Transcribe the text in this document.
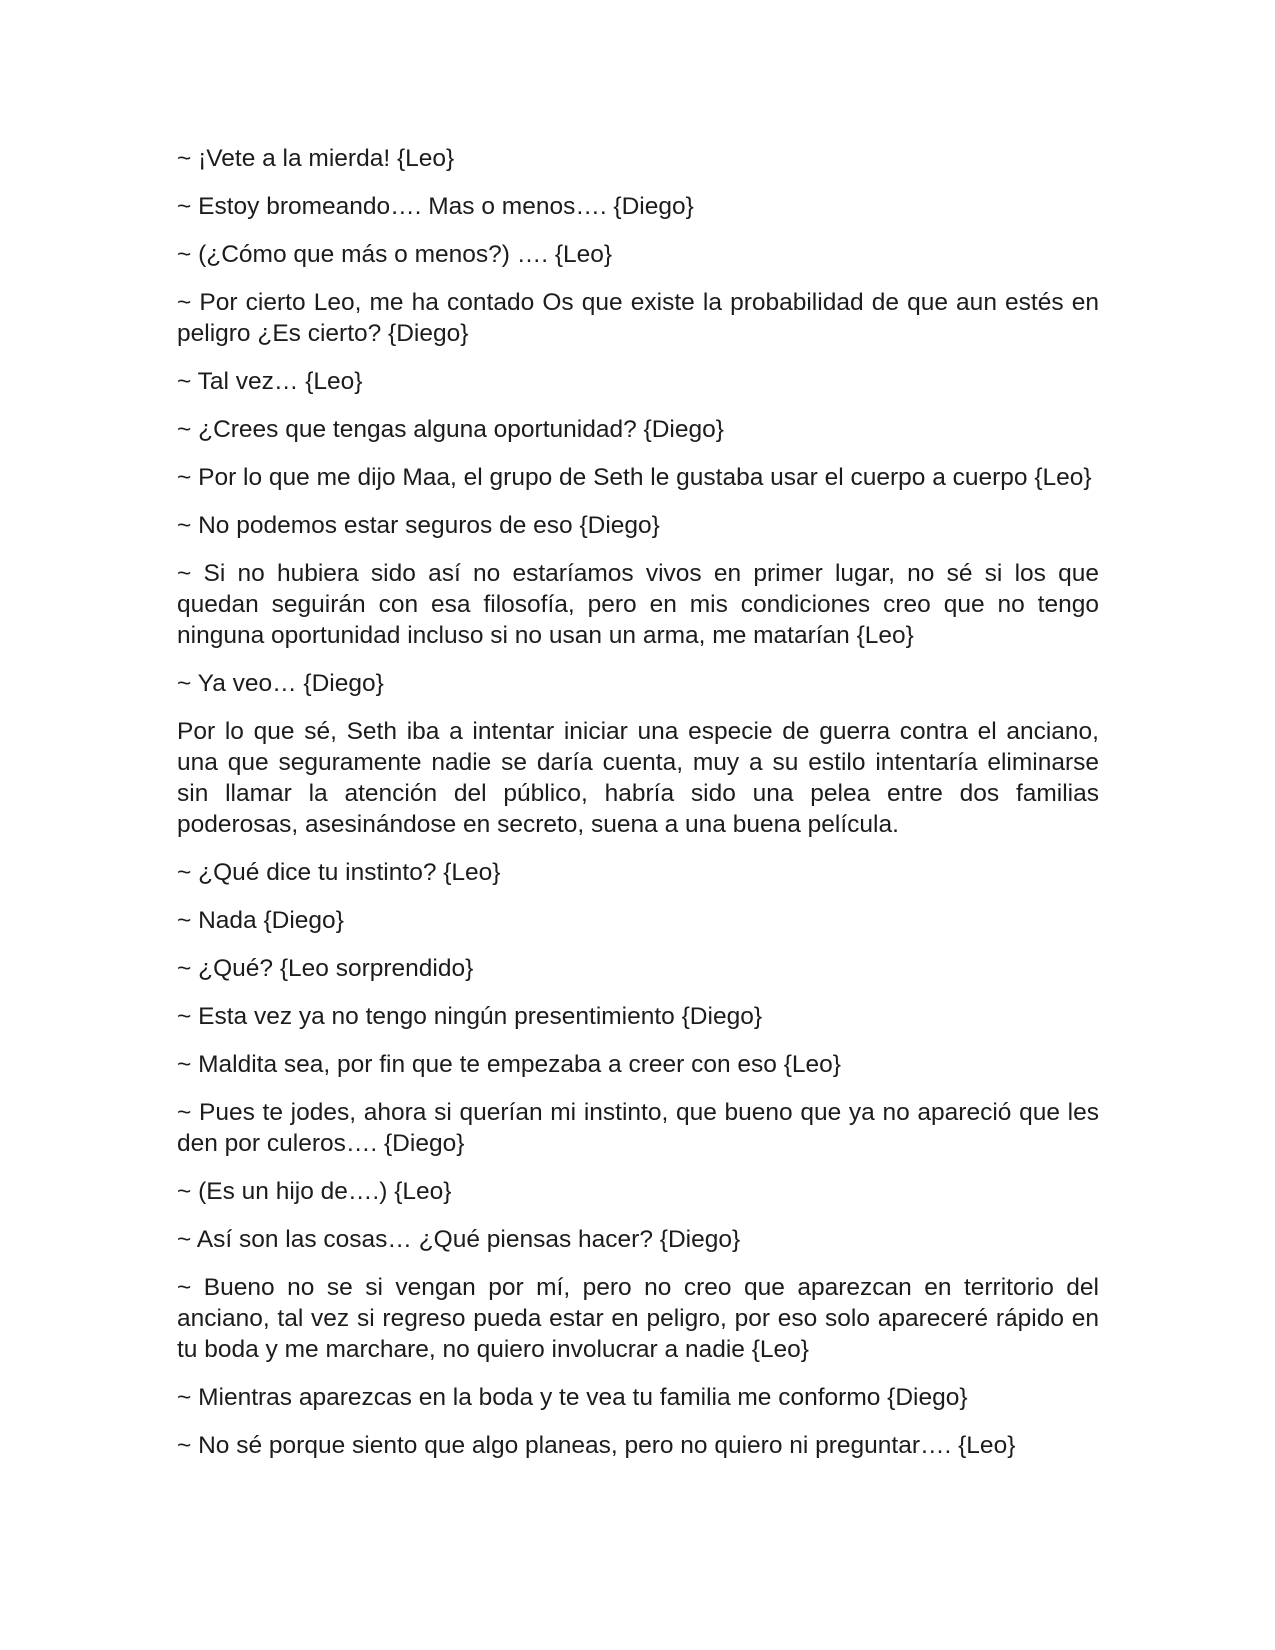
~ ¡Vete a la mierda! {Leo}

~ Estoy bromeando…. Mas o menos…. {Diego}

~ (¿Cómo que más o menos?) …. {Leo}

~ Por cierto Leo, me ha contado Os que existe la probabilidad de que aun estés en peligro ¿Es cierto? {Diego}

~ Tal vez… {Leo}

~ ¿Crees que tengas alguna oportunidad? {Diego}

~ Por lo que me dijo Maa, el grupo de Seth le gustaba usar el cuerpo a cuerpo {Leo}

~ No podemos estar seguros de eso {Diego}

~ Si no hubiera sido así no estaríamos vivos en primer lugar, no sé si los que quedan seguirán con esa filosofía, pero en mis condiciones creo que no tengo ninguna oportunidad incluso si no usan un arma, me matarían {Leo}

~ Ya veo… {Diego}

Por lo que sé, Seth iba a intentar iniciar una especie de guerra contra el anciano, una que seguramente nadie se daría cuenta, muy a su estilo intentaría eliminarse sin llamar la atención del público, habría sido una pelea entre dos familias poderosas, asesinándose en secreto, suena a una buena película.

~ ¿Qué dice tu instinto? {Leo}

~ Nada {Diego}

~ ¿Qué? {Leo sorprendido}

~ Esta vez ya no tengo ningún presentimiento {Diego}

~ Maldita sea, por fin que te empezaba a creer con eso {Leo}

~ Pues te jodes, ahora si querían mi instinto, que bueno que ya no apareció que les den por culeros…. {Diego}

~ (Es un hijo de….) {Leo}

~ Así son las cosas… ¿Qué piensas hacer? {Diego}

~ Bueno no se si vengan por mí, pero no creo que aparezcan en territorio del anciano, tal vez si regreso pueda estar en peligro, por eso solo apareceré rápido en tu boda y me marchare, no quiero involucrar a nadie {Leo}

~ Mientras aparezcas en la boda y te vea tu familia me conformo {Diego}

~ No sé porque siento que algo planeas, pero no quiero ni preguntar…. {Leo}
